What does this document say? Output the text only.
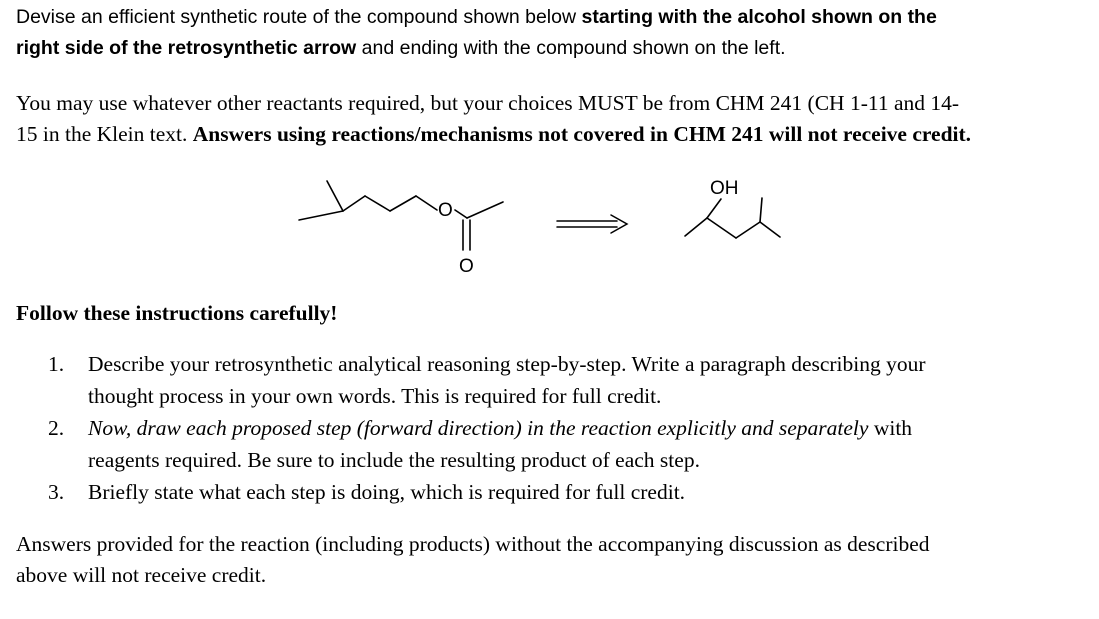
Devise an efficient synthetic route of the compound shown below starting with the alcohol shown on the
right side of the retrosynthetic arrow and ending with the compound shown on the left.
You may use whatever other reactants required, but your choices MUST be from CHM 241 (CH 1-11 and 14-
15 in the Klein text. Answers using reactions/mechanisms not covered in CHM 241 will not receive credit.
O
O
OH
Follow these instructions carefully!
1. Describe your retrosynthetic analytical reasoning step-by-step. Write a paragraph describing your
thought process in your own words. This is required for full credit.
2. Now, draw each proposed step (forward direction) in the reaction explicitly and separately with
reagents required. Be sure to include the resulting product of each step.
3. Briefly state what each step is doing, which is required for full credit.
Answers provided for the reaction (including products) without the accompanying discussion as described
above will not receive credit.
